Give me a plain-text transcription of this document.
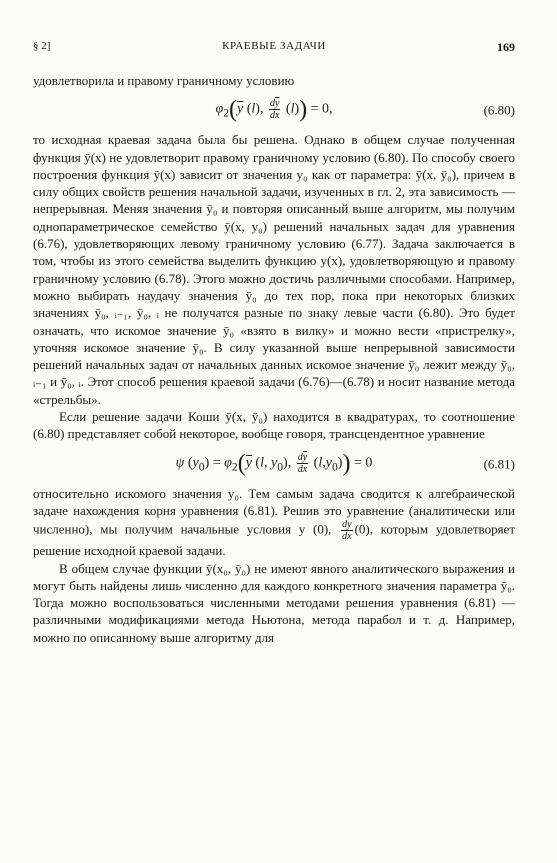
§ 2]	КРАЕВЫЕ ЗАДАЧИ	169

удовлетворила и правому граничному условию

$\varphi_2(\overline{y}$ (l), $\frac{d\overline{y}}{dx} (l)) = 0$,	(6.80)

то исходная краевая задача была бы решена. Однако в общем случае полученная функция ȳ(x) не удовлетворит правому граничному условию (6.80). По способу своего построения функция ȳ(x) зависит от значения y₀ как от параметра: ȳ(x, ȳ₀), причем в силу общих свойств решения начальной задачи, изученных в гл. 2, эта зависимость — непрерывная. Меняя значения ȳ₀ и повторяя описанный выше алгоритм, мы получим однопараметрическое семейство ȳ(x, y₀) решений начальных задач для уравнения (6.76), удовлетворяющих левому граничному условию (6.77). Задача заключается в том, чтобы из этого семейства выделить функцию y(x), удовлетворяющую и правому граничному условию (6.78). Этого можно достичь различными способами. Например, можно выбирать наудачу значения ȳ₀ до тех пор, пока при некоторых близких значениях ȳ₀, ᵢ₋₁, ȳ₀, ᵢ не получатся разные по знаку левые части (6.80). Это будет означать, что искомое значение ȳ₀ «взято в вилку» и можно вести «пристрелку», уточняя искомое значение ȳ₀. В силу указанной выше непрерывной зависимости решений начальных задач от начальных данных искомое значение ȳ₀ лежит между ȳ₀, ᵢ₋₁ и ȳ₀, ᵢ. Этот способ решения краевой задачи (6.76)—(6.78) и носит название метода «стрельбы».

Если решение задачи Коши ȳ(x, ȳ₀) находится в квадратурах, то соотношение (6.80) представляет собой некоторое, вообще говоря, трансцендентное уравнение

ψ $(y_0) = \varphi_2(\overline{y}$ (l, $y_0$), $\frac{d\overline{y}}{dx} (l,y_0)) = 0$	(6.81)

относительно искомого значения y₀. Тем самым задача сводится к алгебраической задаче нахождения корня уравнения (6.81). Решив это уравнение (аналитически или численно), мы получим начальные условия y (0), $\frac{dy}{dx} (0)$, которым удовлетворяет решение исходной краевой задачи.

В общем случае функции ȳ(x₀, ȳ₀) не имеют явного аналитического выражения и могут быть найдены лишь численно для каждого конкретного значения параметра ȳ₀. Тогда можно воспользоваться численными методами решения уравнения (6.81) — различными модификациями метода Ньютона, метода парабол и т. д. Например, можно по описанному выше алгоритму для
